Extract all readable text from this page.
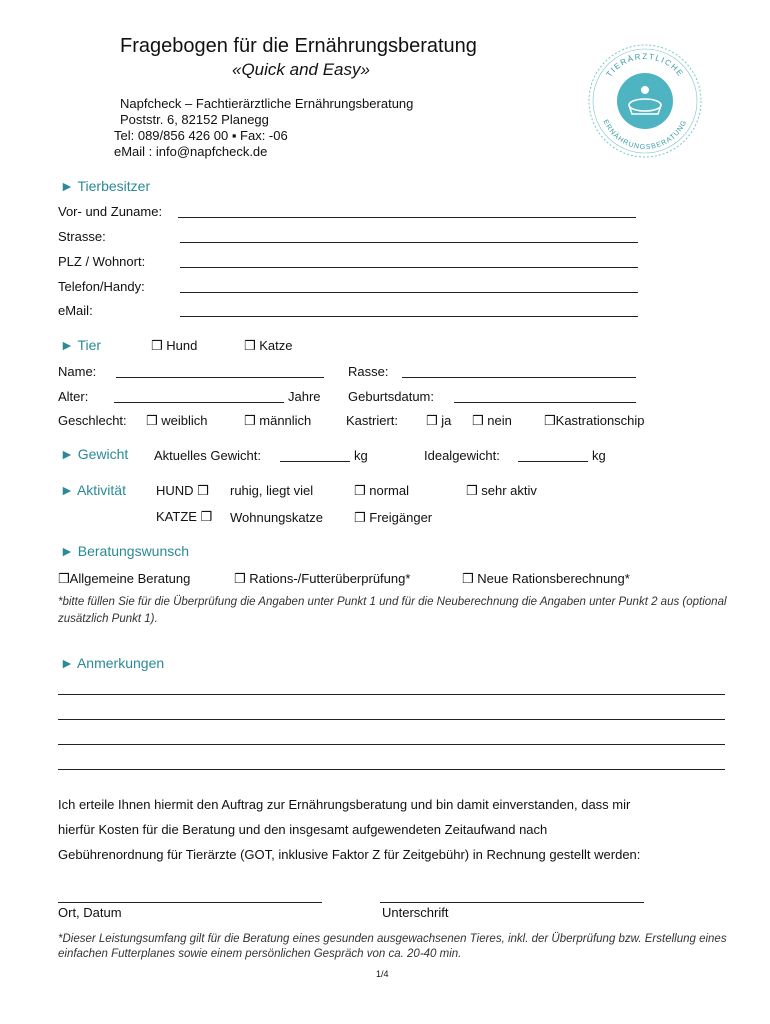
Fragebogen für die Ernährungsberatung
«Quick and Easy»
Napfcheck – Fachtierärztliche Ernährungsberatung
Poststr. 6, 82152 Planegg
Tel: 089/856 426 00 ▪ Fax: -06
eMail : info@napfcheck.de
TIERÄRZTLICHE
ERNÄHRUNGSBERATUNG
► Tierbesitzer
Vor- und Zuname:
Strasse:
PLZ / Wohnort:
Telefon/Handy:
eMail:
► Tier	❒ Hund	❒ Katze
Name:	Rasse:
Alter:	Jahre Geburtsdatum:
Geschlecht: ❒ weiblich	❒ männlich	Kastriert: ❒ ja ❒ nein ❒Kastrationschip
► Gewicht Aktuelles Gewicht:	kg	Idealgewicht:	kg
► Aktivität HUND ❒ ruhig, liegt viel	❒ normal	❒ sehr aktiv
KATZE ❒ Wohnungskatze ❒ Freigänger
► Beratungswunsch
❒Allgemeine Beratung	❒ Rations-/Futterüberprüfung*	❒ Neue Rationsberechnung*
*bitte füllen Sie für die Überprüfung die Angaben unter Punkt 1 und für die Neuberechnung die Angaben unter Punkt 2 aus (optional zusätzlich Punkt 1).
► Anmerkungen
Ich erteile Ihnen hiermit den Auftrag zur Ernährungsberatung und bin damit einverstanden, dass mir
hierfür Kosten für die Beratung und den insgesamt aufgewendeten Zeitaufwand nach
Gebührenordnung für Tierärzte (GOT, inklusive Faktor Z für Zeitgebühr) in Rechnung gestellt werden:
Ort, Datum	Unterschrift
*Dieser Leistungsumfang gilt für die Beratung eines gesunden ausgewachsenen Tieres, inkl. der Überprüfung bzw. Erstellung eines einfachen Futterplanes sowie einem persönlichen Gespräch von ca. 20-40 min.
1/4
